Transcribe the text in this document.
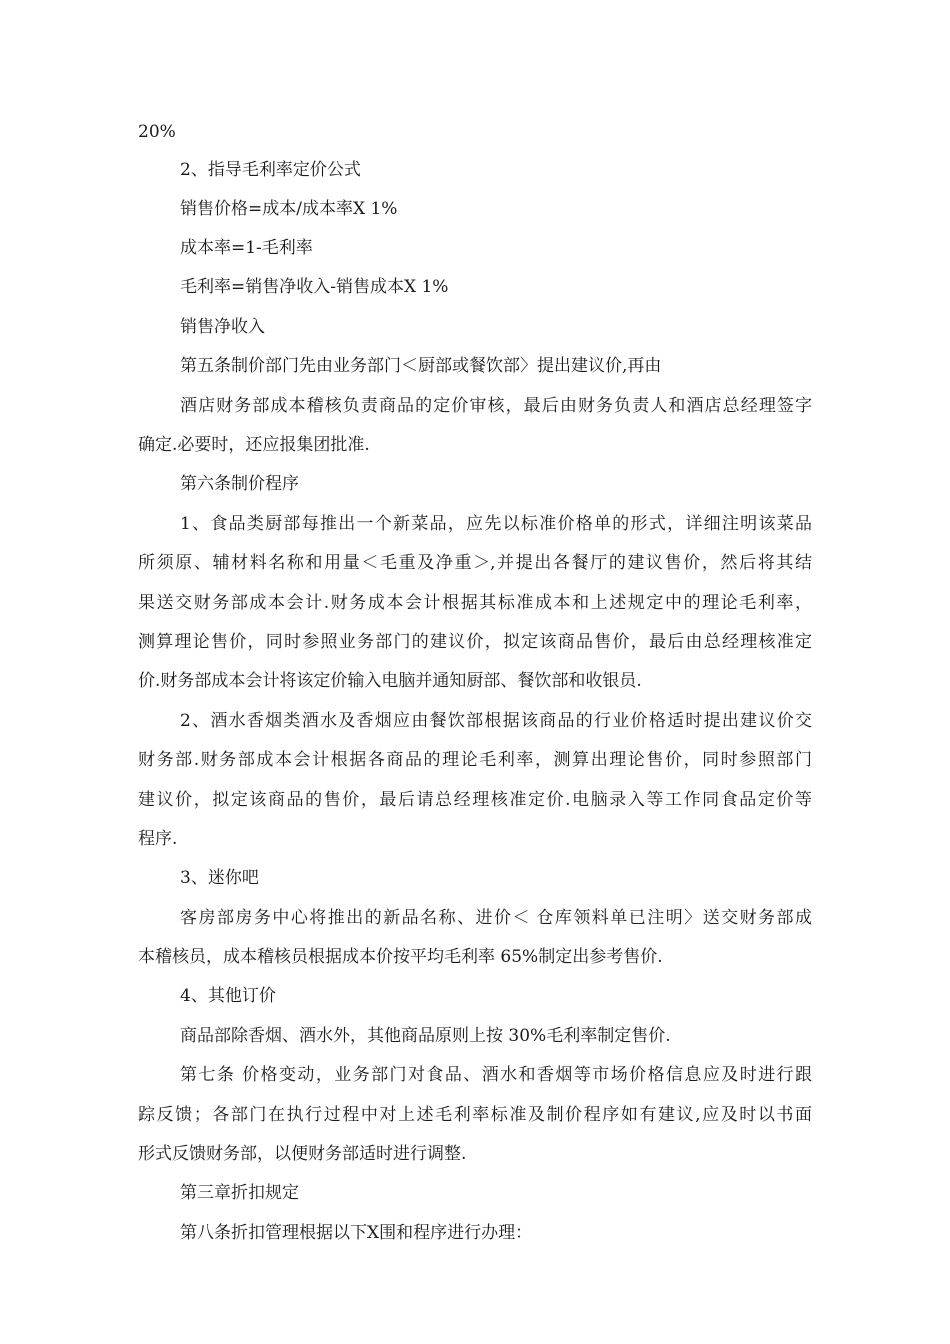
20%
2、指导毛利率定价公式
销售价格=成本/成本率Ⅹ 1%
成本率=1-毛利率
毛利率=销售净收入-销售成本Ⅹ 1%
销售净收入
第五条制价部门先由业务部门＜厨部或餐饮部〉提出建议价,再由
酒店财务部成本稽核负责商品的定价审核，最后由财务负责人和酒店总经理签字
确定.必要时，还应报集团批准.
第六条制价程序
1、食品类厨部每推出一个新菜品，应先以标准价格单的形式，详细注明该菜品
所须原、辅材料名称和用量＜毛重及净重＞,并提出各餐厅的建议售价，然后将其结
果送交财务部成本会计.财务成本会计根据其标准成本和上述规定中的理论毛利率，
测算理论售价，同时参照业务部门的建议价，拟定该商品售价，最后由总经理核准定
价.财务部成本会计将该定价输入电脑并通知厨部、餐饮部和收银员.
2、酒水香烟类酒水及香烟应由餐饮部根据该商品的行业价格适时提出建议价交
财务部.财务部成本会计根据各商品的理论毛利率，测算出理论售价，同时参照部门
建议价，拟定该商品的售价，最后请总经理核准定价.电脑录入等工作同食品定价等
程序.
3、迷你吧
客房部房务中心将推出的新品名称、进价＜ 仓库领料单已注明〉送交财务部成
本稽核员，成本稽核员根据成本价按平均毛利率 65%制定出参考售价.
4、其他订价
商品部除香烟、酒水外，其他商品原则上按 30%毛利率制定售价.
第七条 价格变动，业务部门对食品、酒水和香烟等市场价格信息应及时进行跟
踪反馈；各部门在执行过程中对上述毛利率标准及制价程序如有建议,应及时以书面
形式反馈财务部，以便财务部适时进行调整.
第三章折扣规定
第八条折扣管理根据以下Ⅹ围和程序进行办理：
